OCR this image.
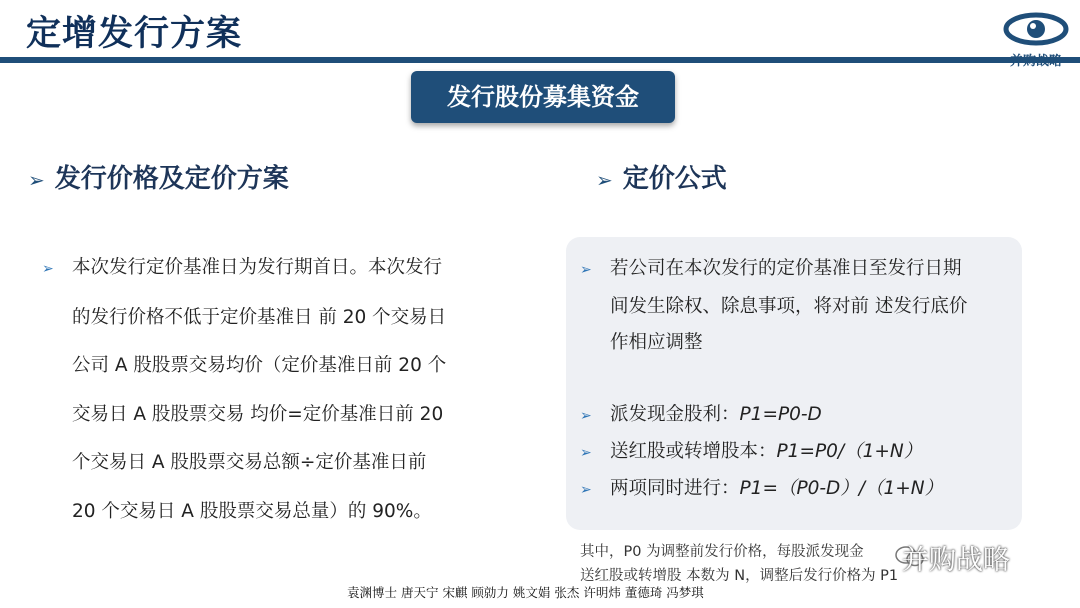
定增发行方案
并购战略
发行股份募集资金
➢ 发行价格及定价方案	➢ 定价公式
➢ 本次发行定价基准日为发行期首日。本次发行
的发行价格不低于定价基准日 前 20 个交易日
公司 A 股股票交易均价（定价基准日前 20 个
交易日 A 股股票交易 均价=定价基准日前 20
个交易日 A 股股票交易总额÷定价基准日前
20 个交易日 A 股股票交易总量）的 90%。
➢ 若公司在本次发行的定价基准日至发行日期
间发生除权、除息事项，将对前 述发行底价
作相应调整
➢ 派发现金股利：P1=P0-D
➢ 送红股或转增股本：P1=P0/（1+N）
➢ 两项同时进行：P1=（P0-D）/（1+N）
其中，P0 为调整前发行价格，每股派发现金
送红股或转增股 本数为 N，调整后发行价格为 P1 并购战略
袁渊博士 唐天宁 宋麒 顾勍力 姚文娟 张杰 许明炜 董德琦 冯梦琪
